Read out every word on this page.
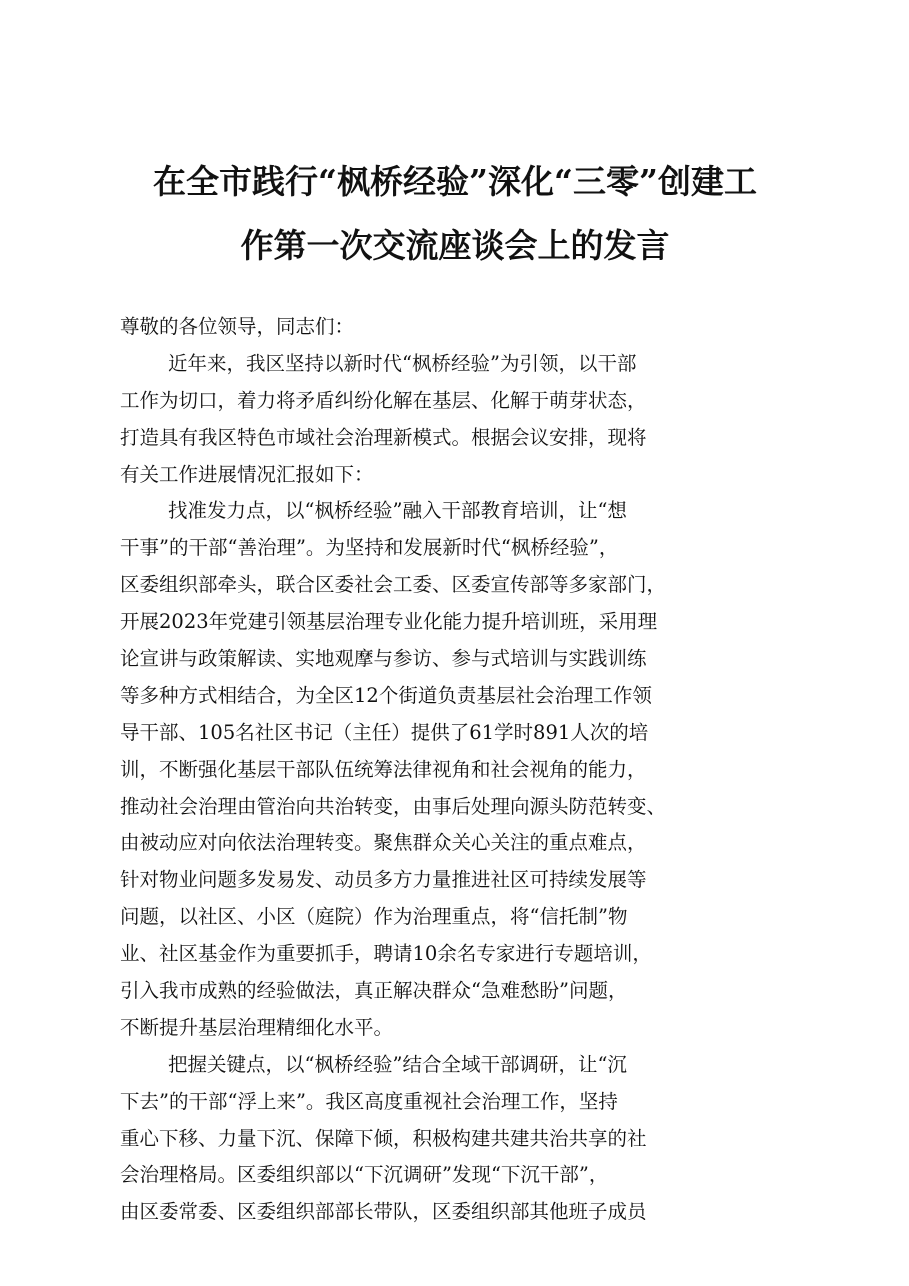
在全市践行“枫桥经验”深化“三零”创建工
作第一次交流座谈会上的发言
尊敬的各位领导，同志们：
近年来，我区坚持以新时代“枫桥经验”为引领，以干部
工作为切口，着力将矛盾纠纷化解在基层、化解于萌芽状态，
打造具有我区特色市域社会治理新模式。根据会议安排，现将
有关工作进展情况汇报如下：
找准发力点，以“枫桥经验”融入干部教育培训，让“想
干事”的干部“善治理”。为坚持和发展新时代“枫桥经验”，
区委组织部牵头，联合区委社会工委、区委宣传部等多家部门，
开展2023年党建引领基层治理专业化能力提升培训班，采用理
论宣讲与政策解读、实地观摩与参访、参与式培训与实践训练
等多种方式相结合，为全区12个街道负责基层社会治理工作领
导干部、105名社区书记（主任）提供了61学时891人次的培
训，不断强化基层干部队伍统筹法律视角和社会视角的能力，
推动社会治理由管治向共治转变，由事后处理向源头防范转变、
由被动应对向依法治理转变。聚焦群众关心关注的重点难点，
针对物业问题多发易发、动员多方力量推进社区可持续发展等
问题，以社区、小区（庭院）作为治理重点，将“信托制”物
业、社区基金作为重要抓手，聘请10余名专家进行专题培训，
引入我市成熟的经验做法，真正解决群众“急难愁盼”问题，
不断提升基层治理精细化水平。
把握关键点，以“枫桥经验”结合全域干部调研，让“沉
下去”的干部“浮上来”。我区高度重视社会治理工作，坚持
重心下移、力量下沉、保障下倾，积极构建共建共治共享的社
会治理格局。区委组织部以“下沉调研”发现“下沉干部”，
由区委常委、区委组织部部长带队，区委组织部其他班子成员
